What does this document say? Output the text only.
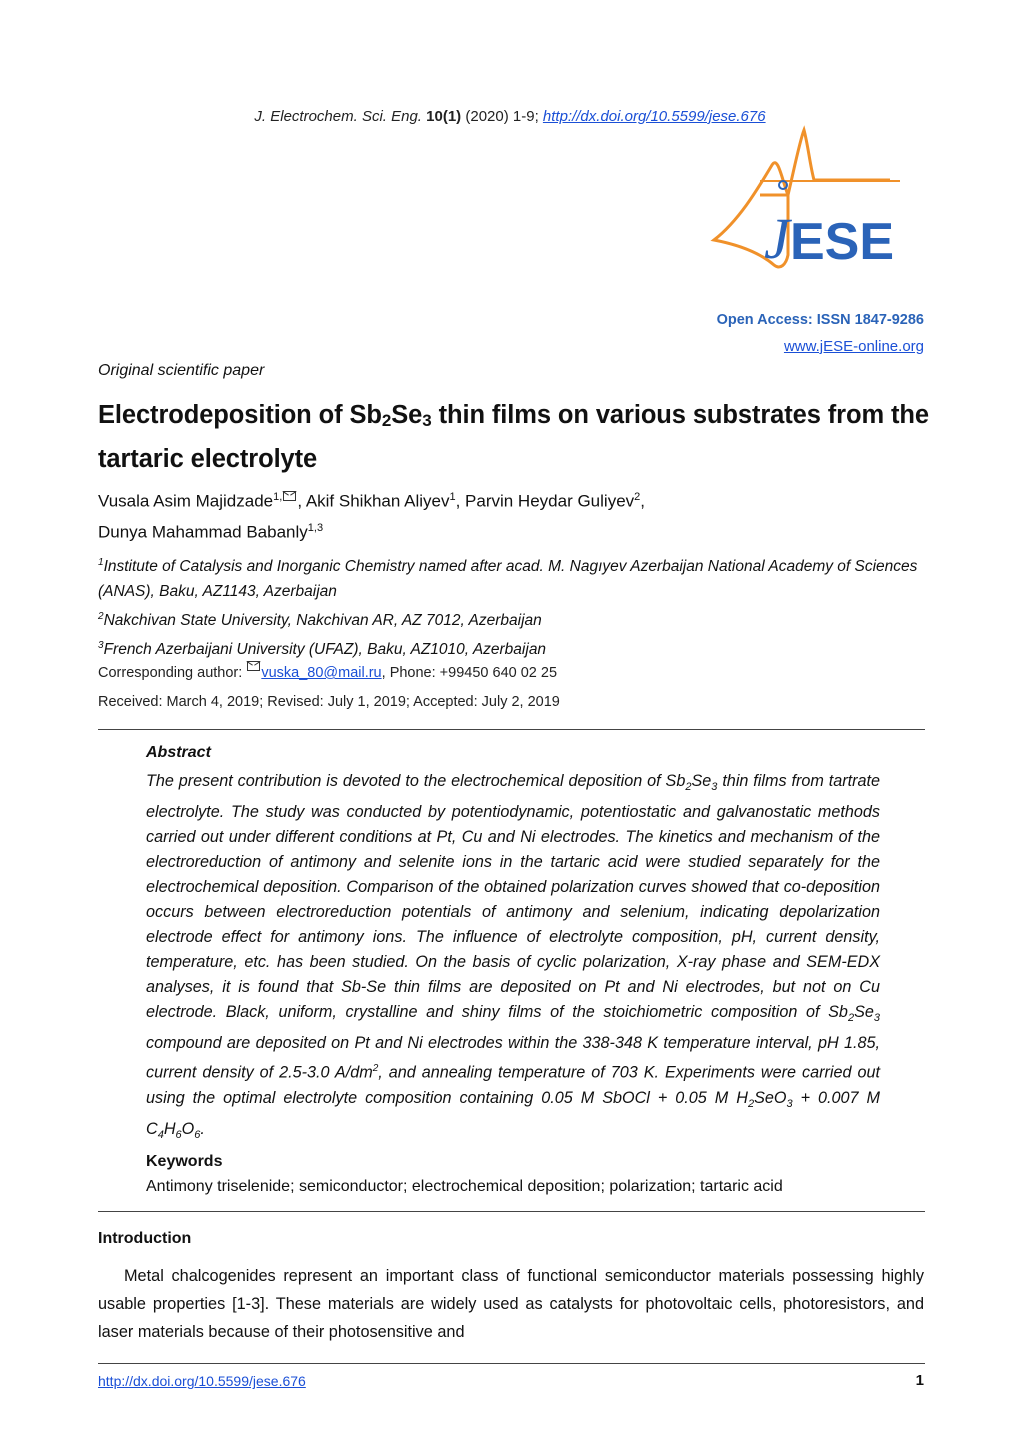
J. Electrochem. Sci. Eng. 10(1) (2020) 1-9; http://dx.doi.org/10.5599/jese.676
J ESE
Open Access: ISSN 1847-9286
www.jESE-online.org
Original scientific paper
Electrodeposition of Sb2Se3 thin films on various substrates from the tartaric electrolyte
Vusala Asim Majidzade$^{1,}$ , Akif Shikhan Aliyev$^1$, Parvin Heydar Guliyev$^2$,
Dunya Mahammad Babanly$^{1,3}$
$^1$Institute of Catalysis and Inorganic Chemistry named after acad. M. Nagıyev Azerbaijan National Academy of Sciences (ANAS), Baku, AZ1143, Azerbaijan
$^2$Nakchivan State University, Nakchivan AR, AZ 7012, Azerbaijan
$^3$French Azerbaijani University (UFAZ), Baku, AZ1010, Azerbaijan
Corresponding author: vuska_80@mail.ru, Phone: +99450 640 02 25
Received: March 4, 2019; Revised: July 1, 2019; Accepted: July 2, 2019
Abstract
The present contribution is devoted to the electrochemical deposition of $Sb_2Se_3$ thin films from tartrate electrolyte. The study was conducted by potentiodynamic, potentiostatic and galvanostatic methods carried out under different conditions at Pt, Cu and Ni electrodes. The kinetics and mechanism of the electroreduction of antimony and selenite ions in the tartaric acid were studied separately for the electrochemical deposition. Comparison of the obtained polarization curves showed that co-deposition occurs between electroreduction potentials of antimony and selenium, indicating depolarization electrode effect for antimony ions. The influence of electrolyte composition, pH, current density, temperature, etc. has been studied. On the basis of cyclic polarization, X-ray phase and SEM-EDX analyses, it is found that Sb-Se thin films are deposited on Pt and Ni electrodes, but not on Cu electrode. Black, uniform, crystalline and shiny films of the stoichiometric composition of $Sb_2Se_3$ compound are deposited on Pt and Ni electrodes within the 338-348 K temperature interval, pH 1.85, current density of 2.5-3.0 $A/dm^2$, and annealing temperature of 703 K. Experiments were carried out using the optimal electrolyte composition containing 0.05 M SbOCl + 0.05 M $H_2SeO_3 + 0.007$ M $C_4H_6O_6$.
Keywords
Antimony triselenide; semiconductor; electrochemical deposition; polarization; tartaric acid
Introduction
Metal chalcogenides represent an important class of functional semiconductor materials possessing highly usable properties [1-3]. These materials are widely used as catalysts for photovoltaic cells, photoresistors, and laser materials because of their photosensitive and
http://dx.doi.org/10.5599/jese.676	1
